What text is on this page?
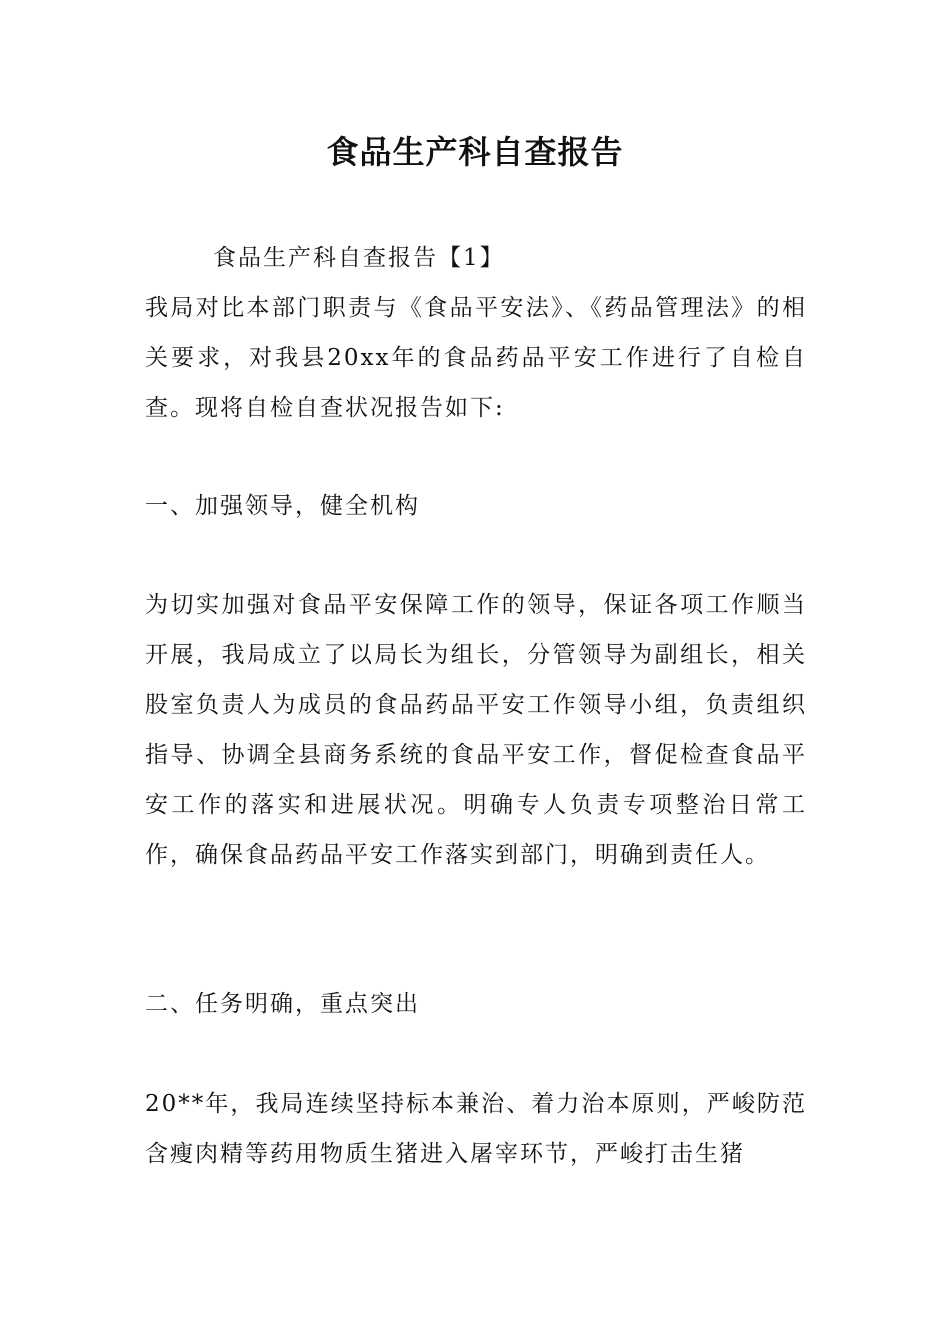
食品生产科自查报告

食品生产科自查报告【1】

我局对比本部门职责与《食品平安法》、《药品管理法》的相关要求，对我县20xx年的食品药品平安工作进行了自检自查。现将自检自查状况报告如下:

一、加强领导，健全机构

为切实加强对食品平安保障工作的领导，保证各项工作顺当开展，我局成立了以局长为组长，分管领导为副组长，相关股室负责人为成员的食品药品平安工作领导小组，负责组织指导、协调全县商务系统的食品平安工作，督促检查食品平安工作的落实和进展状况。明确专人负责专项整治日常工作，确保食品药品平安工作落实到部门，明确到责任人。

二、任务明确，重点突出

20**年，我局连续坚持标本兼治、着力治本原则，严峻防范含瘦肉精等药用物质生猪进入屠宰环节，严峻打击生猪
